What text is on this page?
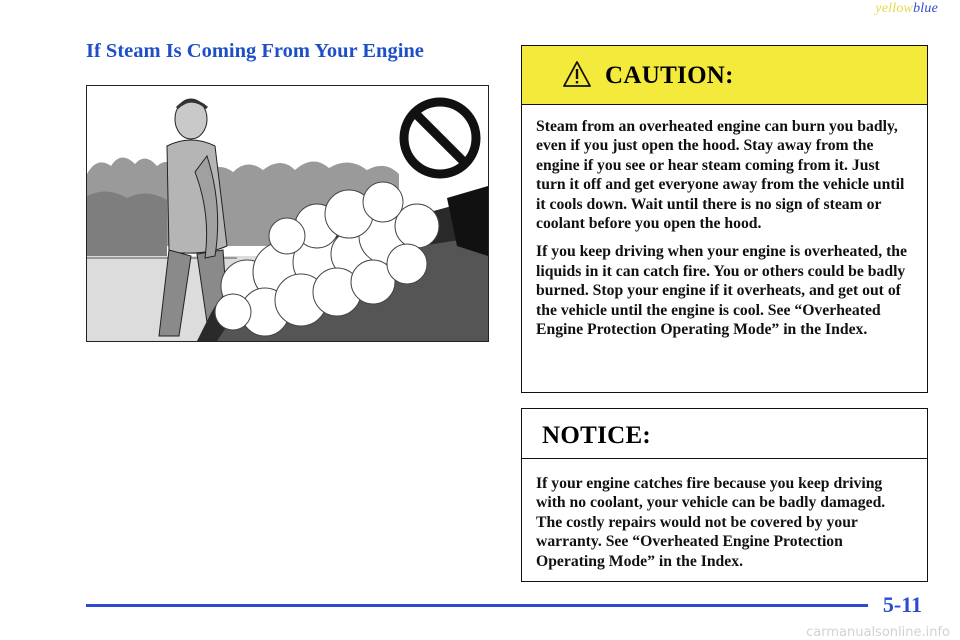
yellowblue
If Steam Is Coming From Your Engine
CAUTION:

Steam from an overheated engine can burn you badly, even if you just open the hood. Stay away from the engine if you see or hear steam coming from it. Just turn it off and get everyone away from the vehicle until it cools down. Wait until there is no sign of steam or coolant before you open the hood.

If you keep driving when your engine is overheated, the liquids in it can catch fire. You or others could be badly burned. Stop your engine if it overheats, and get out of the vehicle until the engine is cool. See “Overheated Engine Protection Operating Mode” in the Index.

NOTICE:

If your engine catches fire because you keep driving with no coolant, your vehicle can be badly damaged. The costly repairs would not be covered by your warranty. See “Overheated Engine Protection Operating Mode” in the Index.

5-11
carmanualsonline.info
